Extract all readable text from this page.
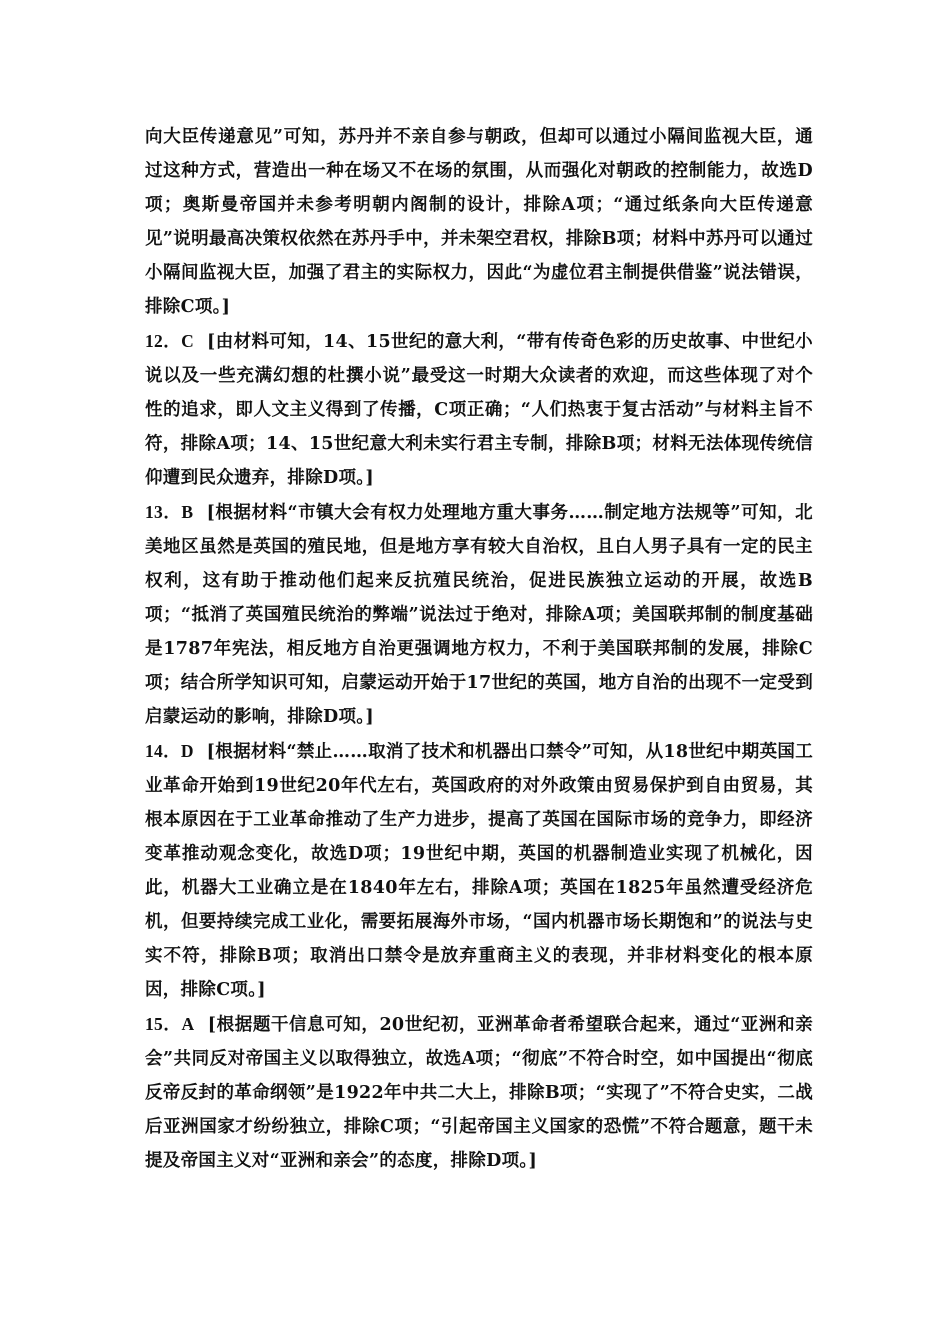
向大臣传递意见”可知，苏丹并不亲自参与朝政，但却可以通过小隔间监视大臣，通过这种方式，营造出一种在场又不在场的氛围，从而强化对朝政的控制能力，故选D项；奥斯曼帝国并未参考明朝内阁制的设计，排除A项；“通过纸条向大臣传递意见”说明最高决策权依然在苏丹手中，并未架空君权，排除B项；材料中苏丹可以通过小隔间监视大臣，加强了君主的实际权力，因此“为虚位君主制提供借鉴”说法错误，排除C项。]

12．C [由材料可知，14、15世纪的意大利，“带有传奇色彩的历史故事、中世纪小说以及一些充满幻想的杜撰小说”最受这一时期大众读者的欢迎，而这些体现了对个性的追求，即人文主义得到了传播，C项正确；“人们热衷于复古活动”与材料主旨不符，排除A项；14、15世纪意大利未实行君主专制，排除B项；材料无法体现传统信仰遭到民众遗弃，排除D项。]

13．B [根据材料“市镇大会有权力处理地方重大事务……制定地方法规等”可知，北美地区虽然是英国的殖民地，但是地方享有较大自治权，且白人男子具有一定的民主权利，这有助于推动他们起来反抗殖民统治，促进民族独立运动的开展，故选B项；“抵消了英国殖民统治的弊端”说法过于绝对，排除A项；美国联邦制的制度基础是1787年宪法，相反地方自治更强调地方权力，不利于美国联邦制的发展，排除C项；结合所学知识可知，启蒙运动开始于17世纪的英国，地方自治的出现不一定受到启蒙运动的影响，排除D项。]

14．D [根据材料“禁止……取消了技术和机器出口禁令”可知，从18世纪中期英国工业革命开始到19世纪20年代左右，英国政府的对外政策由贸易保护到自由贸易，其根本原因在于工业革命推动了生产力进步，提高了英国在国际市场的竞争力，即经济变革推动观念变化，故选D项；19世纪中期，英国的机器制造业实现了机械化，因此，机器大工业确立是在1840年左右，排除A项；英国在1825年虽然遭受经济危机，但要持续完成工业化，需要拓展海外市场，“国内机器市场长期饱和”的说法与史实不符，排除B项；取消出口禁令是放弃重商主义的表现，并非材料变化的根本原因，排除C项。]

15．A [根据题干信息可知，20世纪初，亚洲革命者希望联合起来，通过“亚洲和亲会”共同反对帝国主义以取得独立，故选A项；“彻底”不符合时空，如中国提出“彻底反帝反封的革命纲领”是1922年中共二大上，排除B项；“实现了”不符合史实，二战后亚洲国家才纷纷独立，排除C项；“引起帝国主义国家的恐慌”不符合题意，题干未提及帝国主义对“亚洲和亲会”的态度，排除D项。]
